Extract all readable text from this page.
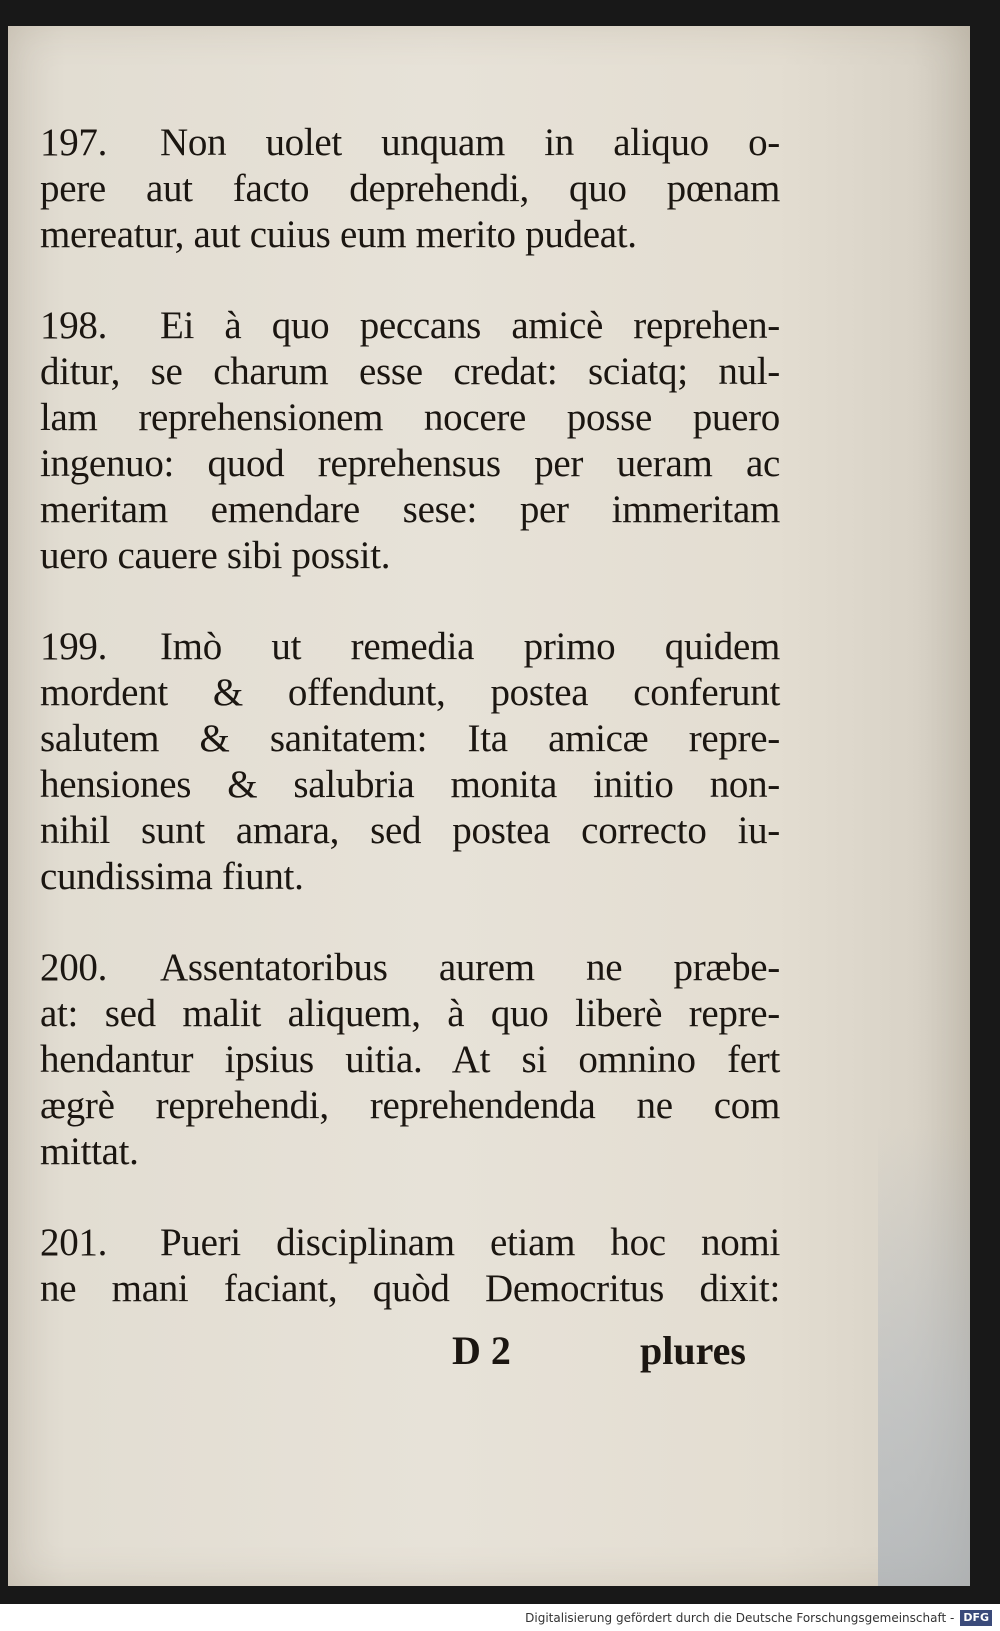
197. Non uolet unquam in aliquo o-
pere aut facto deprehendi, quo pœnam
mereatur, aut cuius eum merito pudeat.
198. Ei à quo peccans amicè reprehen-
ditur, se charum esse credat: sciatq; nul-
lam reprehensionem nocere posse puero
ingenuo: quod reprehensus per ueram ac
meritam emendare sese: per immeritam
uero cauere sibi possit.
199. Imò ut remedia primo quidem
mordent & offendunt, postea conferunt
salutem & sanitatem: Ita amicæ repre-
hensiones & salubria monita initio non-
nihil sunt amara, sed postea correcto iu-
cundissima fiunt.
200. Assentatoribus aurem ne præbe-
at: sed malit aliquem, à quo liberè repre-
hendantur ipsius uitia. At si omnino fert
ægrè reprehendi, reprehendenda ne com
mittat.
201. Pueri disciplinam etiam hoc nomi
ne mani faciant, quòd Democritus dixit:
D 2	plures
Digitalisierung gefördert durch die Deutsche Forschungsgemeinschaft - DFG
